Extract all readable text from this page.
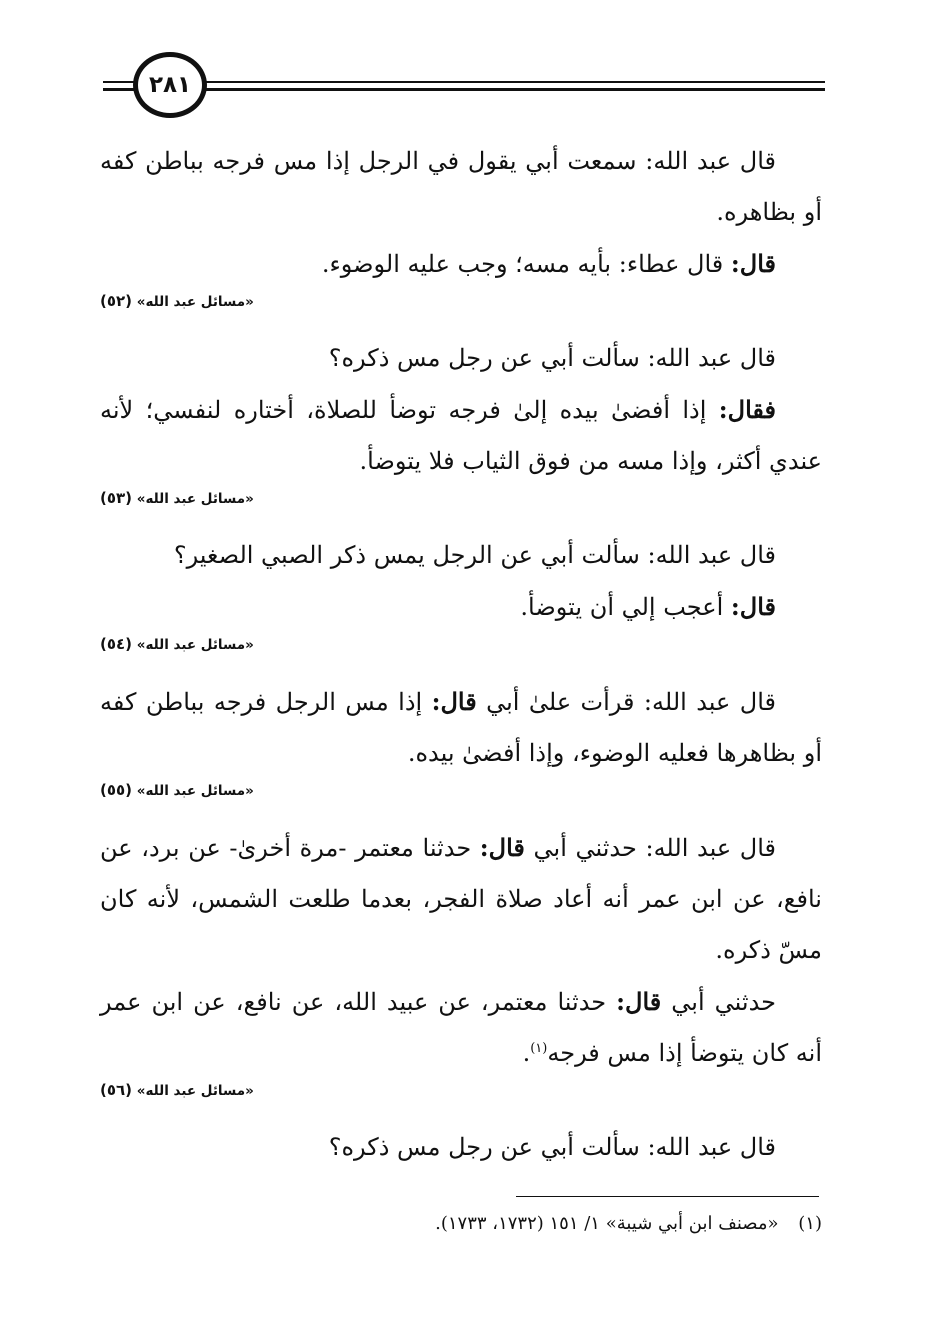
٢٨١

قال عبد الله: سمعت أبي يقول في الرجل إذا مس فرجه بباطن كفه أو بظاهره.

قال: قال عطاء: بأيه مسه؛ وجب عليه الوضوء.

«مسائل عبد الله» (٥٢)

قال عبد الله: سألت أبي عن رجل مس ذكره؟

فقال: إذا أفضىٰ بيده إلىٰ فرجه توضأ للصلاة، أختاره لنفسي؛ لأنه عندي أكثر، وإذا مسه من فوق الثياب فلا يتوضأ.

«مسائل عبد الله» (٥٣)

قال عبد الله: سألت أبي عن الرجل يمس ذكر الصبي الصغير؟

قال: أعجب إلي أن يتوضأ.

«مسائل عبد الله» (٥٤)

قال عبد الله: قرأت علىٰ أبي قال: إذا مس الرجل فرجه بباطن كفه أو بظاهرها فعليه الوضوء، وإذا أفضىٰ بيده.

«مسائل عبد الله» (٥٥)

قال عبد الله: حدثني أبي قال: حدثنا معتمر -مرة أخرىٰ- عن برد، عن نافع، عن ابن عمر أنه أعاد صلاة الفجر، بعدما طلعت الشمس، لأنه كان مسّ ذكره.

حدثني أبي قال: حدثنا معتمر، عن عبيد الله، عن نافع، عن ابن عمر أنه كان يتوضأ إذا مس فرجه$^{(١)}$.

«مسائل عبد الله» (٥٦)

قال عبد الله: سألت أبي عن رجل مس ذكره؟

(١) «مصنف ابن أبي شيبة» ١/ ١٥١ (١٧٣٢، ١٧٣٣).
